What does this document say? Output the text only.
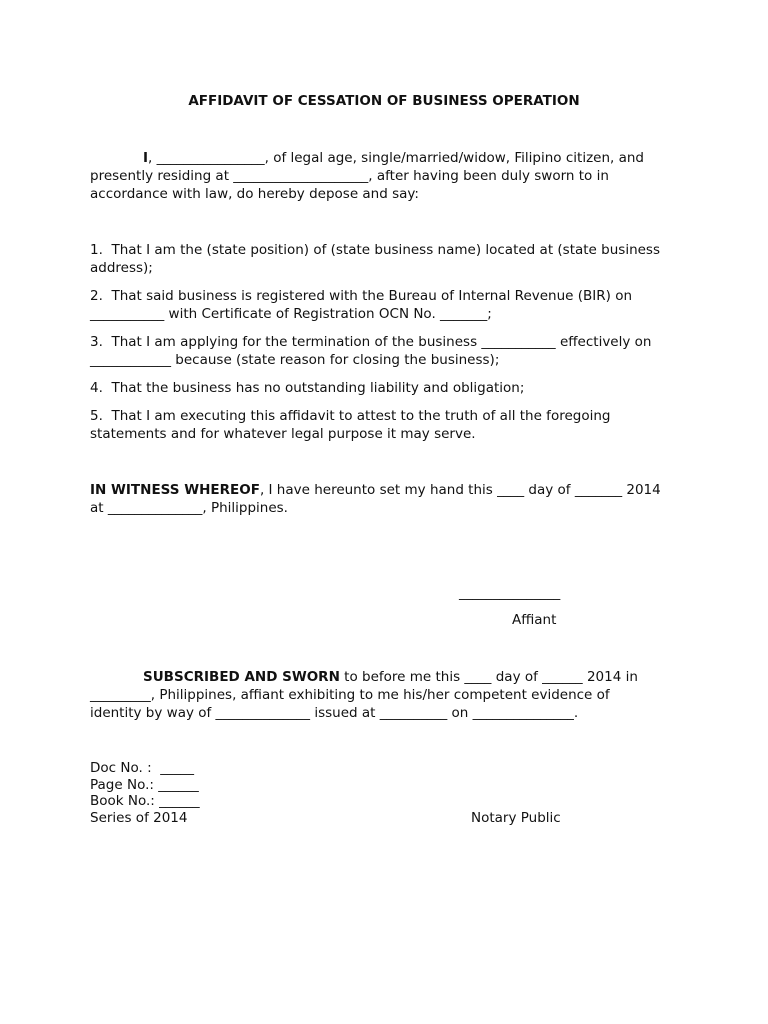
AFFIDAVIT OF CESSATION OF BUSINESS OPERATION
I, ________________, of legal age, single/married/widow, Filipino citizen, and
presently residing at ____________________, after having been duly sworn to in
accordance with law, do hereby depose and say:
1.  That I am the (state position) of (state business name) located at (state business
address);
2.  That said business is registered with the Bureau of Internal Revenue (BIR) on
___________ with Certificate of Registration OCN No. _______;
3.  That I am applying for the termination of the business ___________ effectively on
____________ because (state reason for closing the business);
4.  That the business has no outstanding liability and obligation;
5.  That I am executing this affidavit to attest to the truth of all the foregoing
statements and for whatever legal purpose it may serve.
IN WITNESS WHEREOF, I have hereunto set my hand this ____ day of _______ 2014
at ______________, Philippines.
_______________
Affiant
SUBSCRIBED AND SWORN to before me this ____ day of ______ 2014 in
_________, Philippines, affiant exhibiting to me his/her competent evidence of
identity by way of ______________ issued at __________ on _______________.
Doc No. :  _____
Page No.: ______
Book No.: ______
Series of 2014	Notary Public
